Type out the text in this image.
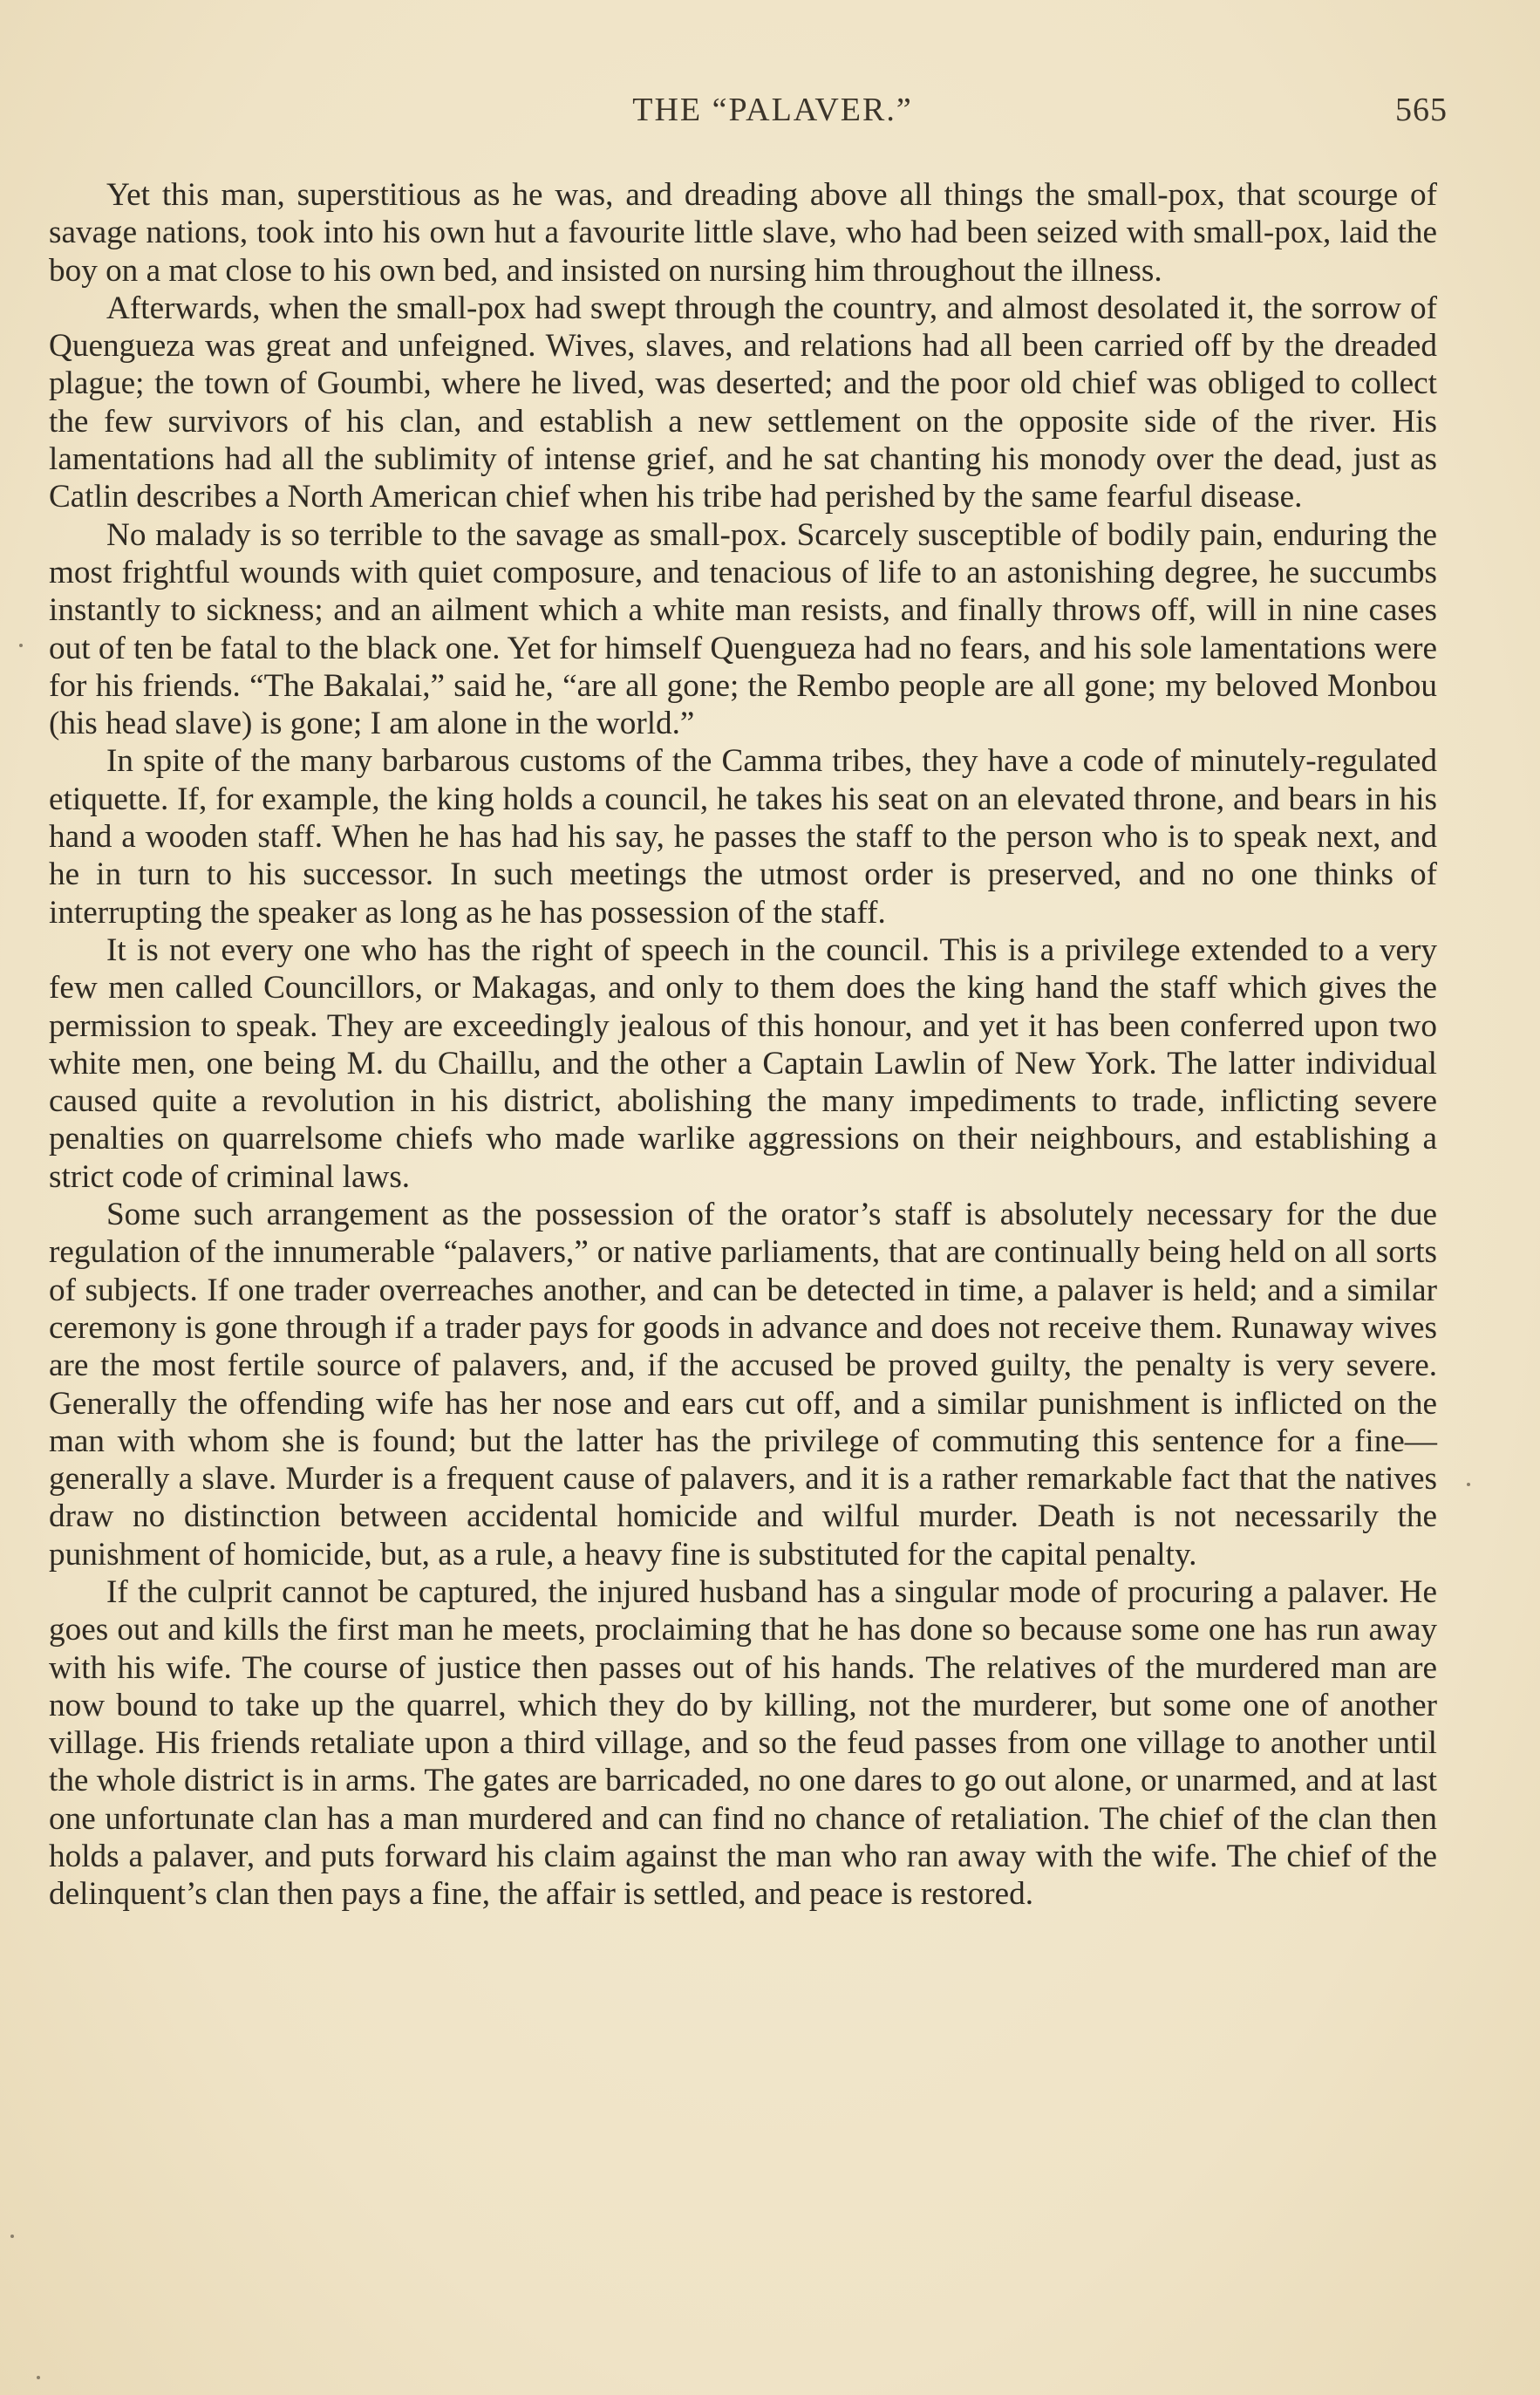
THE “PALAVER.”	565

Yet this man, superstitious as he was, and dreading above all things the small-pox, that scourge of savage nations, took into his own hut a favourite little slave, who had been seized with small-pox, laid the boy on a mat close to his own bed, and insisted on nursing him throughout the illness.

Afterwards, when the small-pox had swept through the country, and almost desolated it, the sorrow of Quengueza was great and unfeigned. Wives, slaves, and relations had all been carried off by the dreaded plague; the town of Goumbi, where he lived, was deserted; and the poor old chief was obliged to collect the few survivors of his clan, and establish a new settlement on the opposite side of the river. His lamentations had all the sublimity of intense grief, and he sat chanting his monody over the dead, just as Catlin describes a North American chief when his tribe had perished by the same fearful disease.

No malady is so terrible to the savage as small-pox. Scarcely susceptible of bodily pain, enduring the most frightful wounds with quiet composure, and tenacious of life to an astonishing degree, he succumbs instantly to sickness; and an ailment which a white man resists, and finally throws off, will in nine cases out of ten be fatal to the black one. Yet for himself Quengueza had no fears, and his sole lamentations were for his friends. “The Bakalai,” said he, “are all gone; the Rembo people are all gone; my beloved Monbou (his head slave) is gone; I am alone in the world.”

In spite of the many barbarous customs of the Camma tribes, they have a code of minutely-regulated etiquette. If, for example, the king holds a council, he takes his seat on an elevated throne, and bears in his hand a wooden staff. When he has had his say, he passes the staff to the person who is to speak next, and he in turn to his successor. In such meetings the utmost order is preserved, and no one thinks of interrupting the speaker as long as he has possession of the staff.

It is not every one who has the right of speech in the council. This is a privilege extended to a very few men called Councillors, or Makagas, and only to them does the king hand the staff which gives the permission to speak. They are exceedingly jealous of this honour, and yet it has been conferred upon two white men, one being M. du Chaillu, and the other a Captain Lawlin of New York. The latter individual caused quite a revolution in his district, abolishing the many impediments to trade, inflicting severe penalties on quarrelsome chiefs who made warlike aggressions on their neighbours, and establishing a strict code of criminal laws.

Some such arrangement as the possession of the orator’s staff is absolutely necessary for the due regulation of the innumerable “palavers,” or native parliaments, that are continually being held on all sorts of subjects. If one trader overreaches another, and can be detected in time, a palaver is held; and a similar ceremony is gone through if a trader pays for goods in advance and does not receive them. Runaway wives are the most fertile source of palavers, and, if the accused be proved guilty, the penalty is very severe. Generally the offending wife has her nose and ears cut off, and a similar punishment is inflicted on the man with whom she is found; but the latter has the privilege of commuting this sentence for a fine—generally a slave. Murder is a frequent cause of palavers, and it is a rather remarkable fact that the natives draw no distinction between accidental homicide and wilful murder. Death is not necessarily the punishment of homicide, but, as a rule, a heavy fine is substituted for the capital penalty.

If the culprit cannot be captured, the injured husband has a singular mode of procuring a palaver. He goes out and kills the first man he meets, proclaiming that he has done so because some one has run away with his wife. The course of justice then passes out of his hands. The relatives of the murdered man are now bound to take up the quarrel, which they do by killing, not the murderer, but some one of another village. His friends retaliate upon a third village, and so the feud passes from one village to another until the whole district is in arms. The gates are barricaded, no one dares to go out alone, or unarmed, and at last one unfortunate clan has a man murdered and can find no chance of retaliation. The chief of the clan then holds a palaver, and puts forward his claim against the man who ran away with the wife. The chief of the delinquent’s clan then pays a fine, the affair is settled, and peace is restored.
